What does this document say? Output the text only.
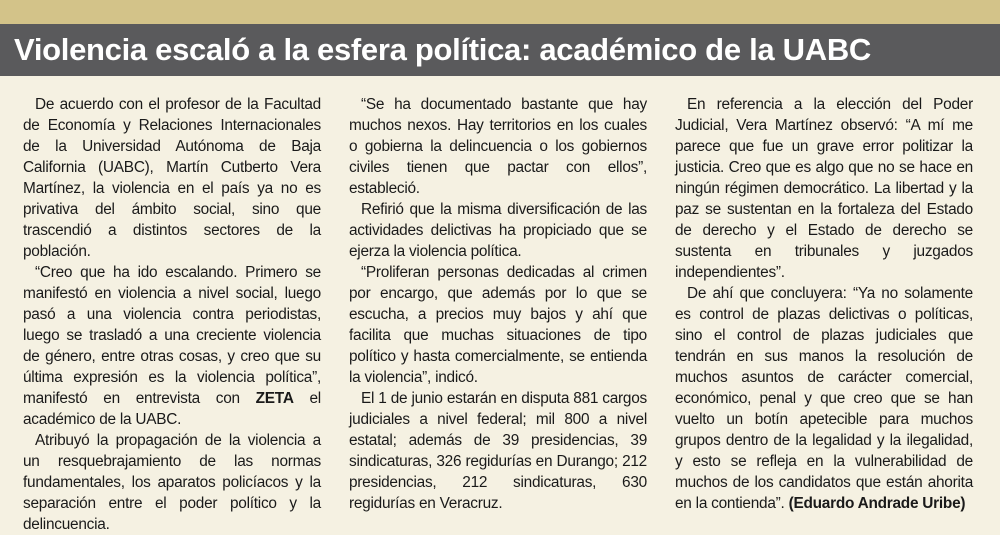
Violencia escaló a la esfera política: académico de la UABC

De acuerdo con el profesor de la Facultad de Economía y Relaciones Internacionales de la Universidad Autónoma de Baja California (UABC), Martín Cutberto Vera Martínez, la violencia en el país ya no es privativa del ámbito social, sino que trascendió a distintos sectores de la población.

“Creo que ha ido escalando. Primero se manifestó en violencia a nivel social, luego pasó a una violencia contra periodistas, luego se trasladó a una creciente violencia de género, entre otras cosas, y creo que su última expresión es la violencia política”, manifestó en entrevista con ZETA el académico de la UABC.

Atribuyó la propagación de la violencia a un resquebrajamiento de las normas fundamentales, los aparatos policíacos y la separación entre el poder político y la delincuencia.

“Se ha documentado bastante que hay muchos nexos. Hay territorios en los cuales o gobierna la delincuencia o los gobiernos civiles tienen que pactar con ellos”, estableció.

Refirió que la misma diversificación de las actividades delictivas ha propiciado que se ejerza la violencia política.

“Proliferan personas dedicadas al crimen por encargo, que además por lo que se escucha, a precios muy bajos y ahí que facilita que muchas situaciones de tipo político y hasta comercialmente, se entienda la violencia”, indicó.

El 1 de junio estarán en disputa 881 cargos judiciales a nivel federal; mil 800 a nivel estatal; además de 39 presidencias, 39 sindicaturas, 326 regidurías en Durango; 212 presidencias, 212 sindicaturas, 630 regidurías en Veracruz.

En referencia a la elección del Poder Judicial, Vera Martínez observó: “A mí me parece que fue un grave error politizar la justicia. Creo que es algo que no se hace en ningún régimen democrático. La libertad y la paz se sustentan en la fortaleza del Estado de derecho y el Estado de derecho se sustenta en tribunales y juzgados independientes”.

De ahí que concluyera: “Ya no solamente es control de plazas delictivas o políticas, sino el control de plazas judiciales que tendrán en sus manos la resolución de muchos asuntos de carácter comercial, económico, penal y que creo que se han vuelto un botín apetecible para muchos grupos dentro de la legalidad y la ilegalidad, y esto se refleja en la vulnerabilidad de muchos de los candidatos que están ahorita en la contienda”. (Eduardo Andrade Uribe)
